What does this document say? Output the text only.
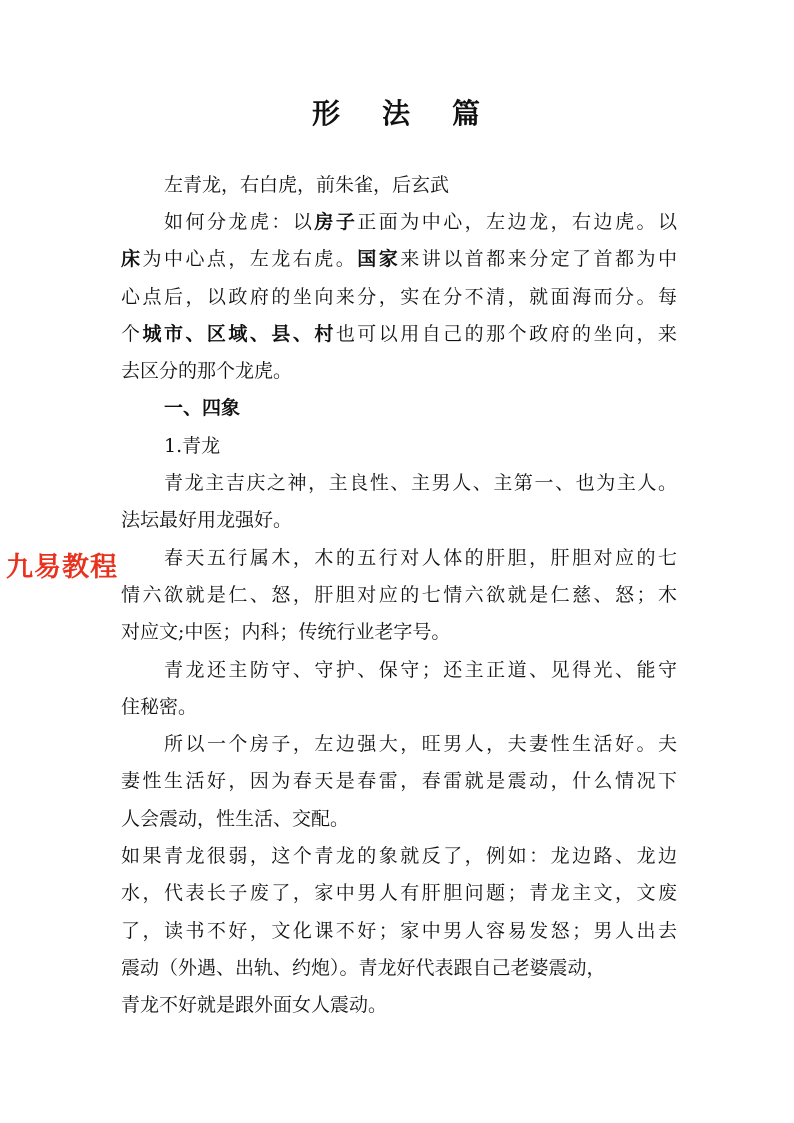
形 法 篇
左青龙，右白虎，前朱雀，后玄武
如何分龙虎：以房子正面为中心，左边龙，右边虎。以
床为中心点，左龙右虎。国家来讲以首都来分定了首都为中
心点后，以政府的坐向来分，实在分不清，就面海而分。每
个城市、区域、县、村也可以用自己的那个政府的坐向，来
去区分的那个龙虎。
一、四象
1.青龙
青龙主吉庆之神，主良性、主男人、主第一、也为主人。
法坛最好用龙强好。
春天五行属木，木的五行对人体的肝胆，肝胆对应的七
情六欲就是仁、怒，肝胆对应的七情六欲就是仁慈、怒；木
对应文;中医；内科；传统行业老字号。
青龙还主防守、守护、保守；还主正道、见得光、能守
住秘密。
所以一个房子，左边强大，旺男人，夫妻性生活好。夫
妻性生活好，因为春天是春雷，春雷就是震动，什么情况下
人会震动，性生活、交配。
如果青龙很弱，这个青龙的象就反了，例如：龙边路、龙边
水，代表长子废了，家中男人有肝胆问题；青龙主文，文废
了，读书不好，文化课不好；家中男人容易发怒；男人出去
震动（外遇、出轨、约炮）。青龙好代表跟自己老婆震动，
青龙不好就是跟外面女人震动。
九易教程
